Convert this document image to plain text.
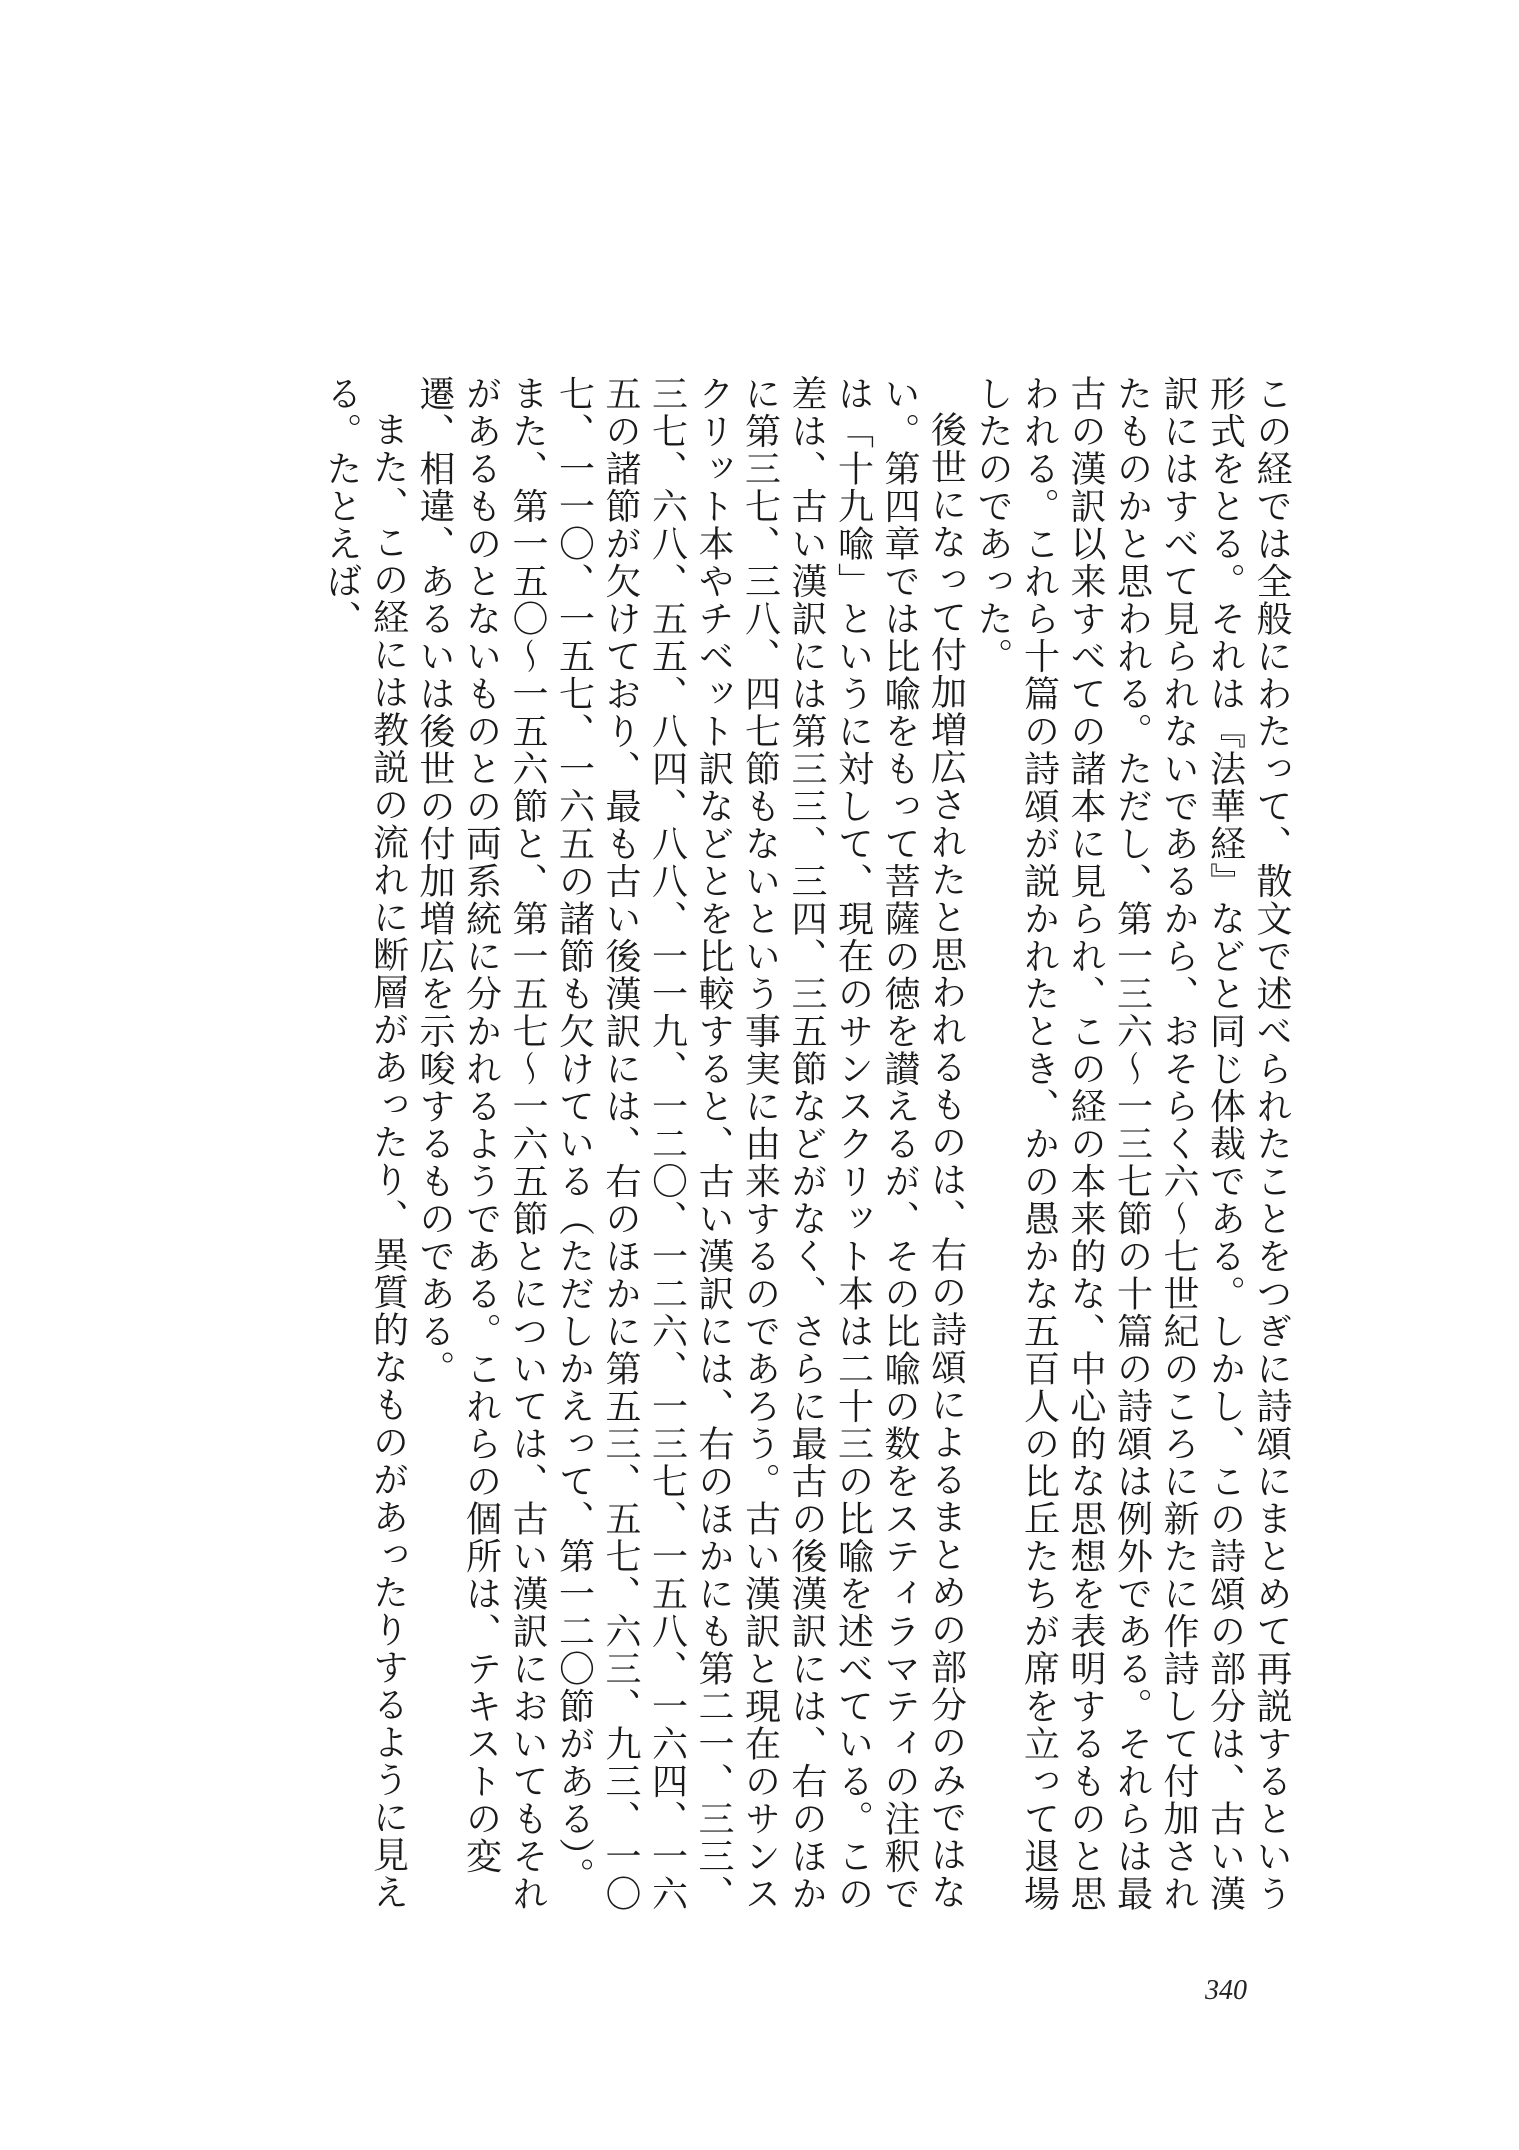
この経では全般にわたって、散文で述べられたことをつぎに詩頌にまとめて再説するという形式をとる。それは『法華経』などと同じ体裁である。しかし、この詩頌の部分は、古い漢訳にはすべて見られないであるから、おそらく六〜七世紀のころに新たに作詩して付加されたものかと思われる。ただし、第一三六〜一三七節の十篇の詩頌は例外である。それらは最古の漢訳以来すべての諸本に見られ、この経の本来的な、中心的な思想を表明するものと思われる。これら十篇の詩頌が説かれたとき、かの愚かな五百人の比丘たちが席を立って退場したのであった。

後世になって付加増広されたと思われるものは、右の詩頌によるまとめの部分のみではない。第四章では比喩をもって菩薩の徳を讃えるが、その比喩の数をスティラマティの注釈では「十九喩」というに対して、現在のサンスクリット本は二十三の比喩を述べている。この差は、古い漢訳には第三三、三四、三五節などがなく、さらに最古の後漢訳には、右のほかに第三七、三八、四七節もないという事実に由来するのであろう。古い漢訳と現在のサンスクリット本やチベット訳などとを比較すると、古い漢訳には、右のほかにも第二一、三三、三七、六八、五五、八四、八八、一一九、一二〇、一二六、一三七、一五八、一六四、一六五の諸節が欠けており、最も古い後漢訳には、右のほかに第五三、五七、六三、九三、一〇七、一一〇、一五七、一六五の諸節も欠けている（ただしかえって、第一二〇節がある）。また、第一五〇〜一五六節と、第一五七〜一六五節とについては、古い漢訳においてもそれがあるものとないものとの両系統に分かれるようである。これらの個所は、テキストの変遷、相違、あるいは後世の付加増広を示唆するものである。

また、この経には教説の流れに断層があったり、異質的なものがあったりするように見える。たとえば、

340
